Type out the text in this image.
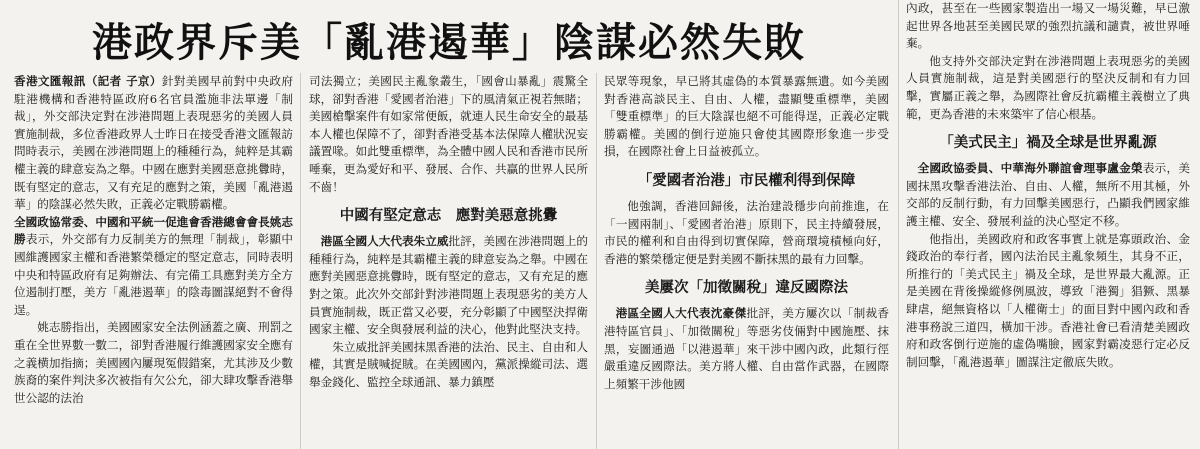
港政界斥美「亂港遏華」陰謀必然失敗

香港文匯報訊（記者 子京）針對美國早前對中央政府駐港機構和香港特區政府6名官員濫施非法單邊「制裁」，外交部決定對在涉港問題上表現惡劣的美國人員實施制裁，多位香港政界人士昨日在接受香港文匯報訪問時表示，美國在涉港問題上的種種行為，純粹是其霸權主義的肆意妄為之舉。中國在應對美國惡意挑釁時，既有堅定的意志，又有充足的應對之策，美國「亂港遏華」的陰謀必然失敗，正義必定戰勝霸權。

全國政協常委、中國和平統一促進會香港總會會長姚志勝表示，外交部有力反制美方的無理「制裁」，彰顯中國維護國家主權和香港繁榮穩定的堅定意志，同時表明中央和特區政府有足夠辦法、有完備工具應對美方全方位遏制打壓，美方「亂港遏華」的陰毒圖謀絕對不會得逞。

姚志勝指出，美國國家安全法例涵蓋之廣、刑罰之重在全世界數一數二，卻對香港履行維護國家安全應有之義横加指摘；美國國內屢現冤假錯案，尤其涉及少數族裔的案件判決多次被指有欠公允，卻大肆攻擊香港舉世公認的法治

司法獨立；美國民主亂象叢生，「國會山暴亂」震驚全球，卻對香港「愛國者治港」下的風清氣正視若無睹；美國槍擊案件有如家常便飯，就連人民生命安全的最基本人權也保障不了，卻對香港受基本法保障人權狀況妄議置喙。如此雙重標準，為全體中國人民和香港市民所唾棄，更為愛好和平、發展、合作、共贏的世界人民所不齒！

中國有堅定意志　應對美惡意挑釁

港區全國人大代表朱立威批評，美國在涉港問題上的種種行為，純粹是其霸權主義的肆意妄為之舉。中國在應對美國惡意挑釁時，既有堅定的意志，又有充足的應對之策。此次外交部針對涉港問題上表現惡劣的美方人員實施制裁，既正當又必要，充分彰顯了中國堅決捍衛國家主權、安全與發展利益的決心，他對此堅決支持。

朱立威批評美國抹黑香港的法治、民主、自由和人權，其實是賊喊捉賊。在美國國內，黨派操縱司法、選舉金錢化、監控全球通訊、暴力鎮壓

民眾等現象，早已將其虛偽的本質暴露無遺。如今美國對香港高談民主、自由、人權，盡顯雙重標準，美國「雙重標準」的巨大陰謀也絕不可能得逞，正義必定戰勝霸權。美國的倒行逆施只會使其國際形象進一步受損，在國際社會上日益被孤立。

「愛國者治港」市民權利得到保障

他強調，香港回歸後，法治建設穩步向前推進，在「一國兩制」、「愛國者治港」原則下，民主持續發展，市民的權利和自由得到切實保障，營商環境積極向好，香港的繁榮穩定便是對美國不斷抹黑的最有力回擊。

美屢次「加徵關稅」違反國際法

港區全國人大代表沈豪傑批評，美方屢次以「制裁香港特區官員」、「加徵關稅」等惡劣伎倆對中國施壓、抹黑，妄圖通過「以港遏華」來干涉中國內政，此類行徑嚴重違反國際法。美方將人權、自由當作武器，在國際上頻繁干涉他國

內政，甚至在一些國家製造出一場又一場災難，早已激起世界各地甚至美國民眾的強烈抗議和譴責，被世界唾棄。

他支持外交部決定對在涉港問題上表現惡劣的美國人員實施制裁，這是對美國惡行的堅決反制和有力回擊，實屬正義之舉，為國際社會反抗霸權主義樹立了典範，更為香港的未來築牢了信心根基。

「美式民主」禍及全球是世界亂源

全國政協委員、中華海外聯誼會理事盧金榮表示，美國抹黑攻擊香港法治、自由、人權，無所不用其極，外交部的反制行動，有力回擊美國惡行，凸顯我們國家維護主權、安全、發展利益的決心堅定不移。

他指出，美國政府和政客事實上就是寡頭政治、金錢政治的奉行者，國內法治民主亂象頻生，其身不正，所推行的「美式民主」禍及全球，是世界最大亂源。正是美國在背後操縱修例風波，導致「港獨」猖獗、黑暴肆虐，絕無資格以「人權衛士」的面目對中國內政和香港事務說三道四，橫加干涉。香港社會已看清楚美國政府和政客倒行逆施的虛偽嘴臉，國家對霸凌惡行定必反制回擊，「亂港遏華」圖謀注定徹底失敗。
